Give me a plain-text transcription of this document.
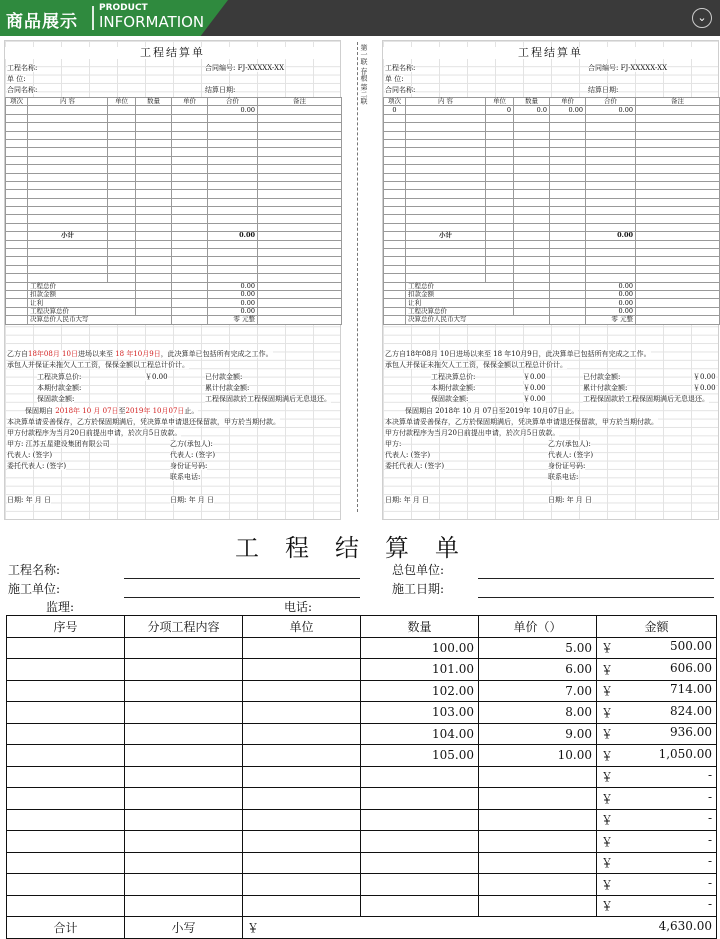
商品展示
PRODUCT
INFORMATION	⌄
工程结算单
工程名称:	合同编号: FJ-XXXXX-XX
单 位:
合同名称:	结算日期:
项次	内 容	单位	数量	单价	合价	备注
					0.00	

	小计				0.00	

	工程总价				0.00	
	扣款金额				0.00	
	让利				0.00	
	工程决算总价				0.00	
	决算总价人民币大写				零 元整	
乙方自18年08月 10日进场以来至 18 年10月9日，此决算单已包括所有完成之工作。
承包人并保证未拖欠人工工资，保保金额以工程总计价计。
工程决算总价:	￥0.00	已付款金额:
本期付款金额:	累计付款金额:
保固款金额:	工程保固款於工程保固期满后无息退还。
保固期自 2018年 10 月 07日至2019年 10月07日止。
本决算单请妥善保存，乙方於保固期满后，凭决算单申请退还保留款，甲方於当期付款。
甲方付款程序为当月20日前提出申请，於次月5日放款。
甲方: 江苏五星建设集团有限公司	乙方(承包人):
代表人: (签字)	代表人: (签字)
委托代表人: (签字)	身份证号码:
联系电话:
日期: 年 月 日	日期: 年 月 日
第一联 存根 第二联	工程结算单
工程名称:	合同编号: FJ-XXXXX-XX
单 位:
合同名称:	结算日期:
项次	内 容	单位	数量	单价	合价	备注
0		0	0.0	0.00	0.00	

	小计				0.00	

	工程总价				0.00	
	扣款金额				0.00	
	让利				0.00	
	工程决算总价				0.00	
	决算总价人民币大写				零 元整	
乙方自18年08月 10日进场以来至 18 年10月9日，此决算单已包括所有完成之工作。
承包人并保证未拖欠人工工资，保保金额以工程总计价计。
工程决算总价:	￥0.00	已付款金额:	￥0.00
本期付款金额:	￥0.00	累计付款金额:	￥0.00
保固款金额:	￥0.00	工程保固款於工程保固期满后无息退还。
保固期自 2018年 10 月 07日至2019年 10月07日止。
本决算单请妥善保存，乙方於保固期满后，凭决算单申请退还保留款，甲方於当期付款。
甲方付款程序为当月20日前提出申请，於次月5日放款。
甲方:	乙方(承包人):
代表人: (签字)	代表人: (签字)
委托代表人: (签字)	身份证号码:
联系电话:
日期: 年 月 日	日期: 年 月 日
工程结算单
工程名称:	总包单位:
施工单位:	施工日期:
监理:	电话:
序号	分项工程内容	单位	数量	单价（）	金额
			100.00	5.00	￥ 500.00

			101.00	6.00	￥ 606.00

			102.00	7.00	￥ 714.00

			103.00	8.00	￥ 824.00

			104.00	9.00	￥ 936.00

			105.00	10.00	￥ 1,050.00

					￥ -

					￥ -

					￥ -

					￥ -

					￥ -

					￥ -

					￥ -

合计	小写	￥ 4,630.00			
